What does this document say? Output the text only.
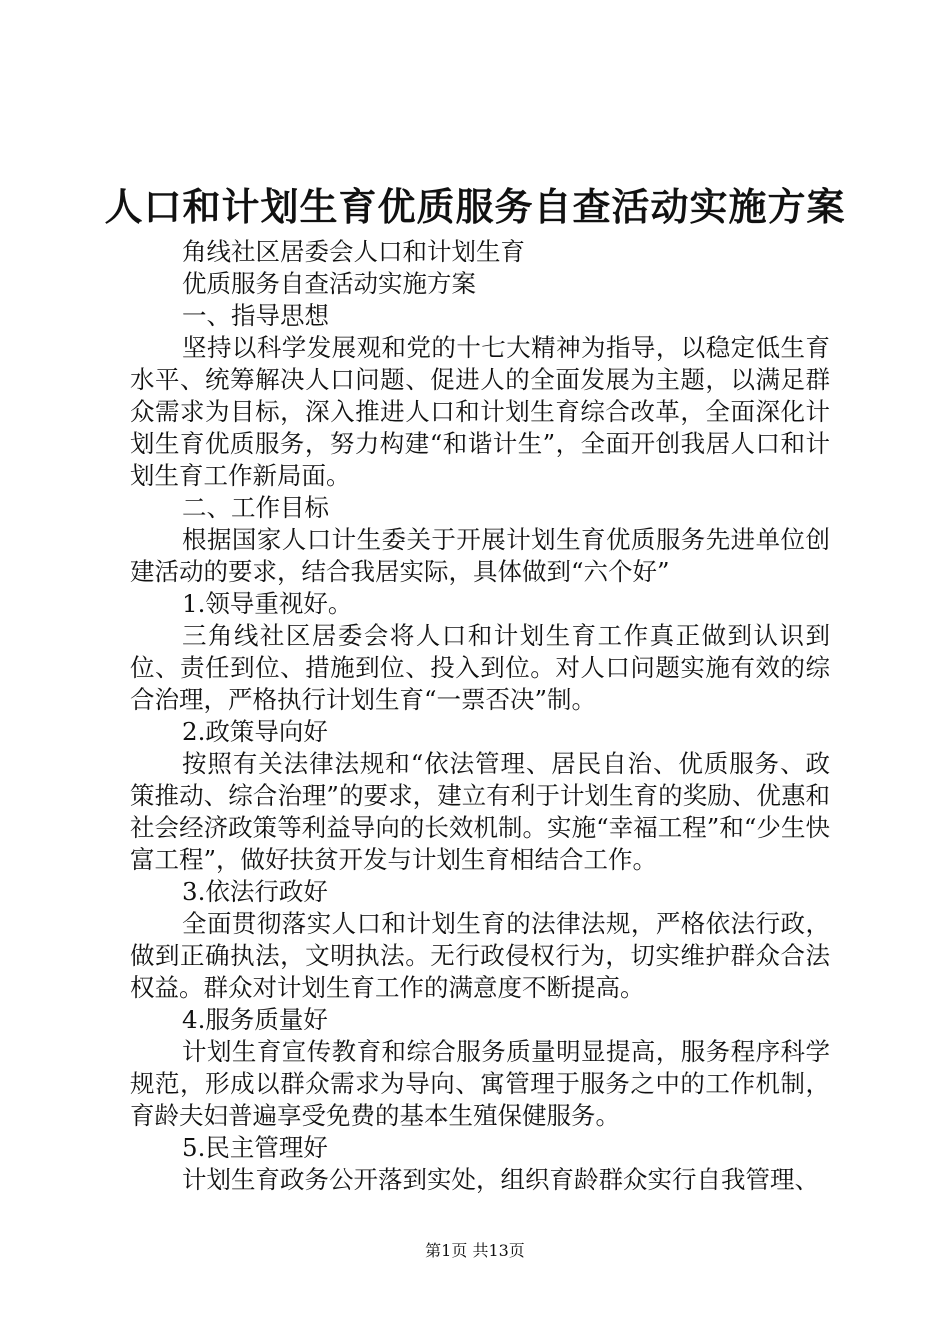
人口和计划生育优质服务自查活动实施方案

角线社区居委会人口和计划生育

优质服务自查活动实施方案

一、指导思想

坚持以科学发展观和党的十七大精神为指导，以稳定低生育水平、统筹解决人口问题、促进人的全面发展为主题，以满足群众需求为目标，深入推进人口和计划生育综合改革，全面深化计划生育优质服务，努力构建“和谐计生”，全面开创我居人口和计划生育工作新局面。

二、工作目标

根据国家人口计生委关于开展计划生育优质服务先进单位创建活动的要求，结合我居实际，具体做到“六个好”

1.领导重视好。

三角线社区居委会将人口和计划生育工作真正做到认识到位、责任到位、措施到位、投入到位。对人口问题实施有效的综合治理，严格执行计划生育“一票否决”制。

2.政策导向好

按照有关法律法规和“依法管理、居民自治、优质服务、政策推动、综合治理”的要求，建立有利于计划生育的奖励、优惠和社会经济政策等利益导向的长效机制。实施“幸福工程”和“少生快富工程”，做好扶贫开发与计划生育相结合工作。

3.依法行政好

全面贯彻落实人口和计划生育的法律法规，严格依法行政，做到正确执法，文明执法。无行政侵权行为，切实维护群众合法权益。群众对计划生育工作的满意度不断提高。

4.服务质量好

计划生育宣传教育和综合服务质量明显提高，服务程序科学规范，形成以群众需求为导向、寓管理于服务之中的工作机制，育龄夫妇普遍享受免费的基本生殖保健服务。

5.民主管理好

计划生育政务公开落到实处，组织育龄群众实行自我管理、

第1页 共13页
